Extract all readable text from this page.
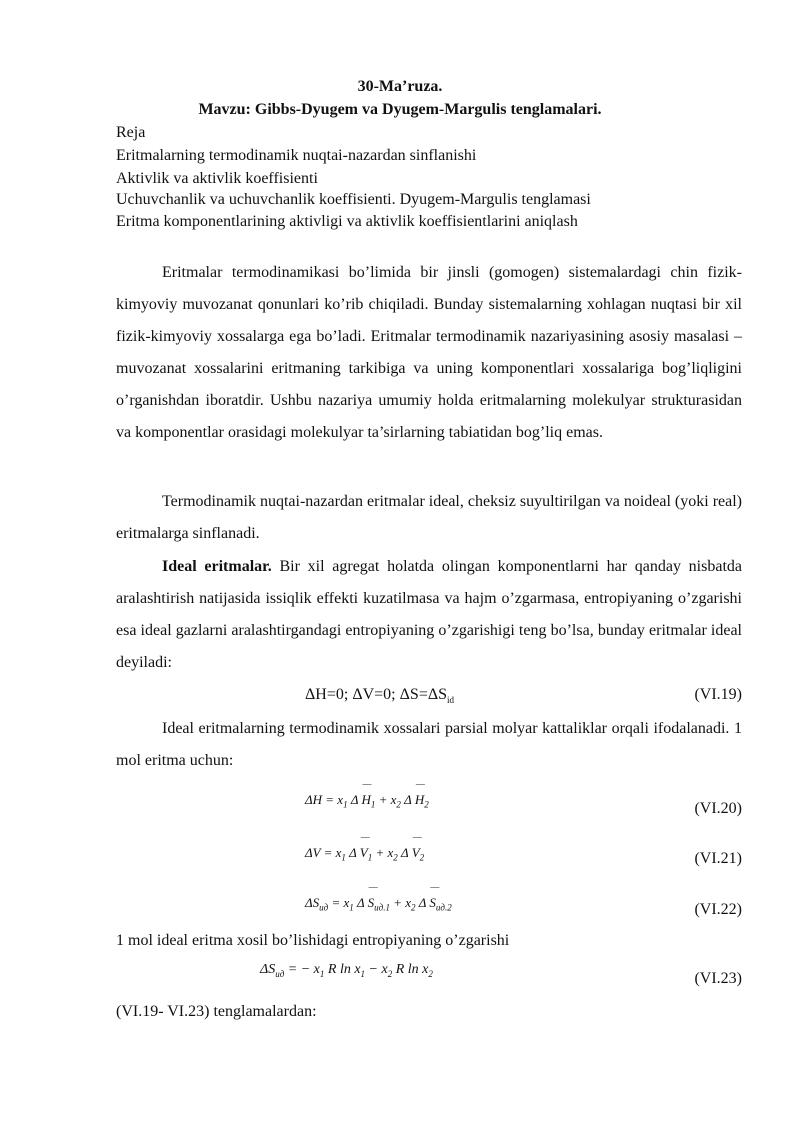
30-Ma’ruza.
Mavzu: Gibbs-Dyugem va Dyugem-Margulis tenglamalari.
Reja
Eritmalarning termodinamik nuqtai-nazardan sinflanishi
Aktivlik va aktivlik koeffisienti
Uchuvchanlik va uchuvchanlik koeffisienti. Dyugem-Margulis tenglamasi
Eritma komponentlarining aktivligi va aktivlik koeffisientlarini aniqlash

Eritmalar termodinamikasi bo’limida bir jinsli (gomogen) sistemalardagi chin fizik-kimyoviy muvozanat qonunlari ko’rib chiqiladi. Bunday sistemalarning xohlagan nuqtasi bir xil fizik-kimyoviy xossalarga ega bo’ladi. Eritmalar termodinamik nazariyasining asosiy masalasi – muvozanat xossalarini eritmaning tarkibiga va uning komponentlari xossalariga bog’liqligini o’rganishdan iboratdir. Ushbu nazariya umumiy holda eritmalarning molekulyar strukturasidan va komponentlar orasidagi molekulyar ta’sirlarning tabiatidan bog’liq emas.

Termodinamik nuqtai-nazardan eritmalar ideal, cheksiz suyultirilgan va noideal (yoki real) eritmalarga sinflanadi.

Ideal eritmalar. Bir xil agregat holatda olingan komponentlarni har qanday nisbatda aralashtirish natijasida issiqlik effekti kuzatilmasa va hajm o’zgarmasa, entropiyaning o’zgarishi esa ideal gazlarni aralashtirgandagi entropiyaning o’zgarishigi teng bo’lsa, bunday eritmalar ideal deyiladi:

ΔH=0; ΔV=0; $\Delta S=\Delta S_{id}$	(VI.19)

Ideal eritmalarning termodinamik xossalari parsial molyar kattaliklar orqali ifodalanadi. 1 mol eritma uchun:

$\Delta H = x_1$ Δ ― $H_1 + x_2$ Δ ― $H_2$	(VI.20)
$\Delta V = x_1$ Δ ― $V_1 + x_2$ Δ ― $V_2$	(VI.21)
$\Delta S_{ид} = x_1$ Δ ― $S_{ид.1} + x_2$ Δ ― $S_{ид.2}$	(VI.22)
1 mol ideal eritma xosil bo’lishidagi entropiyaning o’zgarishi
$\Delta S_{ид}$ = − $x_1$ R $\ln x_1 - x_2$ R $\ln x_2$	(VI.23)
(VI.19- VI.23) tenglamalardan:
